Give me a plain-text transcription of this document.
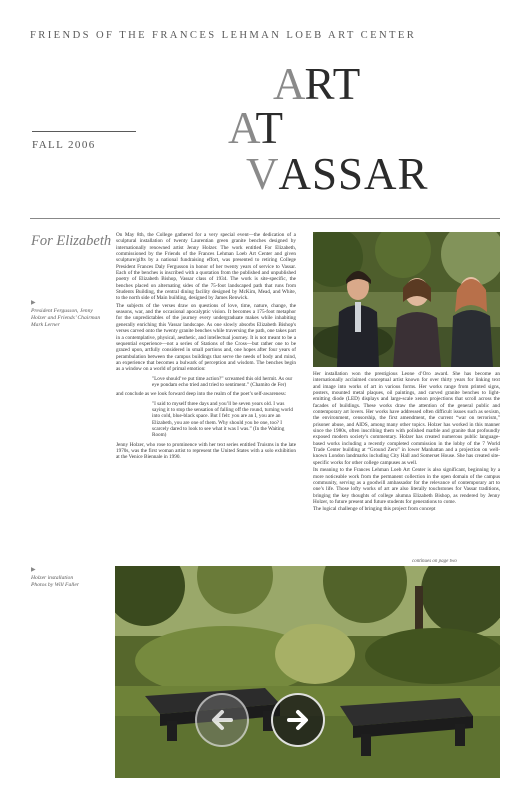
FRIENDS OF THE FRANCES LEHMAN LOEB ART CENTER
FALL 2006
ART
AT
VASSAR
For Elizabeth
▶
President Fergusson, Jenny Holzer and Friends’ Chairman Mark Lerner
▶
Holzer installation
Photos by Will Faller

On May 8th, the College gathered for a very special event—the dedication of a sculptural installation of twenty Laurentian green granite benches designed by internationally renowned artist Jenny Holzer. The work entitled For Elizabeth, commissioned by the Friends of the Frances Lehman Loeb Art Center and given sculpture/gifts by a national fundraising effort, was presented to retiring College President Frances Daly Fergusson in honor of her twenty years of service to Vassar. Each of the benches is inscribed with a quotation from the published and unpublished poetry of Elizabeth Bishop, Vassar class of 1934. The work is site-specific, the benches placed on alternating sides of the 75-foot landscaped path that runs from Students Building, the central dining facility designed by McKim, Mead, and White, to the north side of Main building, designed by James Renwick.

The subjects of the verses draw on questions of love, time, nature, change, the seasons, war, and the occasional apocalyptic vision. It becomes a 175-foot metaphor for the unpredictables of the journey every undergraduate makes while inhabiting generally enriching this Vassar landscape. As one slowly absorbs Elizabeth Bishop's verses carved onto the twenty granite benches while traversing the path, one takes part in a contemplative, physical, aesthetic, and intellectual journey. It is not meant to be a sequential experience—not a series of Stations of the Cross—but rather one to be grazed upon, artfully considered in small portions and, one hopes after four years of perambulation between the campus buildings that serve the needs of body and mind, an experience that becomes a bulwark of perception and wisdom. The benches begin as a window on a world of primal emotion:

"Love should’ve put time action?” screamed this old hermit. As our eye pondam echo tried and tried to sentiment.” (Chamito de Fer)

and conclude as we look forward deep into the realm of the poet’s self-awareness:

"I said to myself three days and you’ll be seven years old. I was saying it to stop the sensation of falling off the round, turning world into cold, blue-black space. But I felt: you are an I, you are an Elizabeth, you are one of them. Why should you be one, too? I scarcely dared to look to see what it was I was.” (In the Waiting Room)

Jenny Holzer, who rose to prominence with her text series entitled Truisms in the late 1970s, was the first woman artist to represent the United States with a solo exhibition at the Venice Biennale in 1990.

Her installation won the prestigious Leone d’Oro award. She has become an internationally acclaimed conceptual artist known for over thirty years for linking text and image into works of art in various forms. Her works range from printed signs, posters, mounted metal plaques, oil paintings, and carved granite benches to light-emitting diode (LED) displays and large-scale xenon projections that scroll across the facades of buildings. These works draw the attention of the general public and contemporary art lovers. Her works have addressed often difficult issues such as sexism, the environment, censorship, the first amendment, the current “war on terrorism,” prisoner abuse, and AIDS, among many other topics. Holzer has worked in this manner since the 1980s, often inscribing them with polished marble and granite that profoundly exposed modern society’s commentary. Holzer has created numerous public language-based works including a recently completed commission in the lobby of the 7 World Trade Center building at “Ground Zero” in lower Manhattan and a projection on well-known London landmarks including City Hall and Somerset House. She has created site-specific works for other college campuses as well.

Its meaning to the Frances Lehman Loeb Art Center is also significant, beginning by a more noticeable work from the permanent collection in the open domain of the campus community, serving as a goodwill ambassador for the relevance of contemporary art to one’s life. Those lofty works of art are also literally touchstones for Vassar traditions, bringing the key thoughts of college alumna Elizabeth Bishop, as rendered by Jenny Holzer, to future present and future students for generations to come.

The logical challenge of bringing this project from concept

continues on page two
